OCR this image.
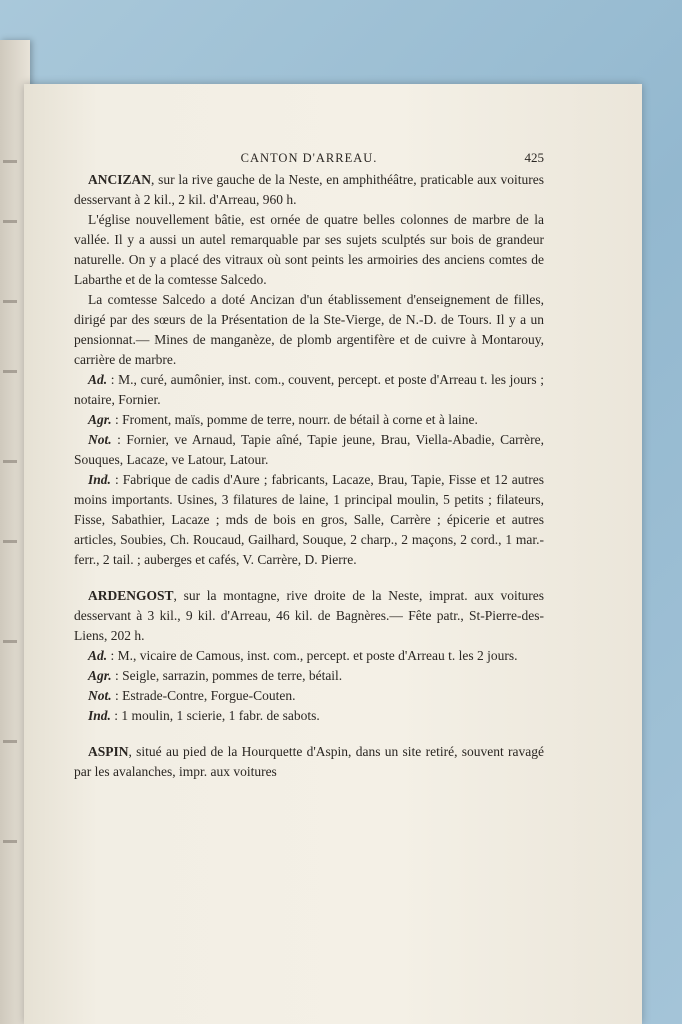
CANTON D'ARREAU.	425

ANCIZAN, sur la rive gauche de la Neste, en amphithéâtre, praticable aux voitures desservant à 2 kil., 2 kil. d'Arreau, 960 h.

L'église nouvellement bâtie, est ornée de quatre belles colonnes de marbre de la vallée. Il y a aussi un autel remarquable par ses sujets sculptés sur bois de grandeur naturelle. On y a placé des vitraux où sont peints les armoiries des anciens comtes de Labarthe et de la comtesse Salcedo.

La comtesse Salcedo a doté Ancizan d'un établissement d'enseignement de filles, dirigé par des sœurs de la Présentation de la Ste-Vierge, de N.-D. de Tours. Il y a un pensionnat.— Mines de manganèze, de plomb argentifère et de cuivre à Montarouy, carrière de marbre.

Ad. : M., curé, aumônier, inst. com., couvent, percept. et poste d'Arreau t. les jours ; notaire, Fornier.

Agr. : Froment, maïs, pomme de terre, nourr. de bétail à corne et à laine.

Not. : Fornier, ve Arnaud, Tapie aîné, Tapie jeune, Brau, Viella-Abadie, Carrère, Souques, Lacaze, ve Latour, Latour.

Ind. : Fabrique de cadis d'Aure ; fabricants, Lacaze, Brau, Tapie, Fisse et 12 autres moins importants. Usines, 3 filatures de laine, 1 principal moulin, 5 petits ; filateurs, Fisse, Sabathier, Lacaze ; mds de bois en gros, Salle, Carrère ; épicerie et autres articles, Soubies, Ch. Roucaud, Gailhard, Souque, 2 charp., 2 maçons, 2 cord., 1 mar.-ferr., 2 tail. ; auberges et cafés, V. Carrère, D. Pierre.

ARDENGOST, sur la montagne, rive droite de la Neste, imprat. aux voitures desservant à 3 kil., 9 kil. d'Arreau, 46 kil. de Bagnères.— Fête patr., St-Pierre-des-Liens, 202 h.

Ad. : M., vicaire de Camous, inst. com., percept. et poste d'Arreau t. les 2 jours.

Agr. : Seigle, sarrazin, pommes de terre, bétail.

Not. : Estrade-Contre, Forgue-Couten.

Ind. : 1 moulin, 1 scierie, 1 fabr. de sabots.

ASPIN, situé au pied de la Hourquette d'Aspin, dans un site retiré, souvent ravagé par les avalanches, impr. aux voitures
